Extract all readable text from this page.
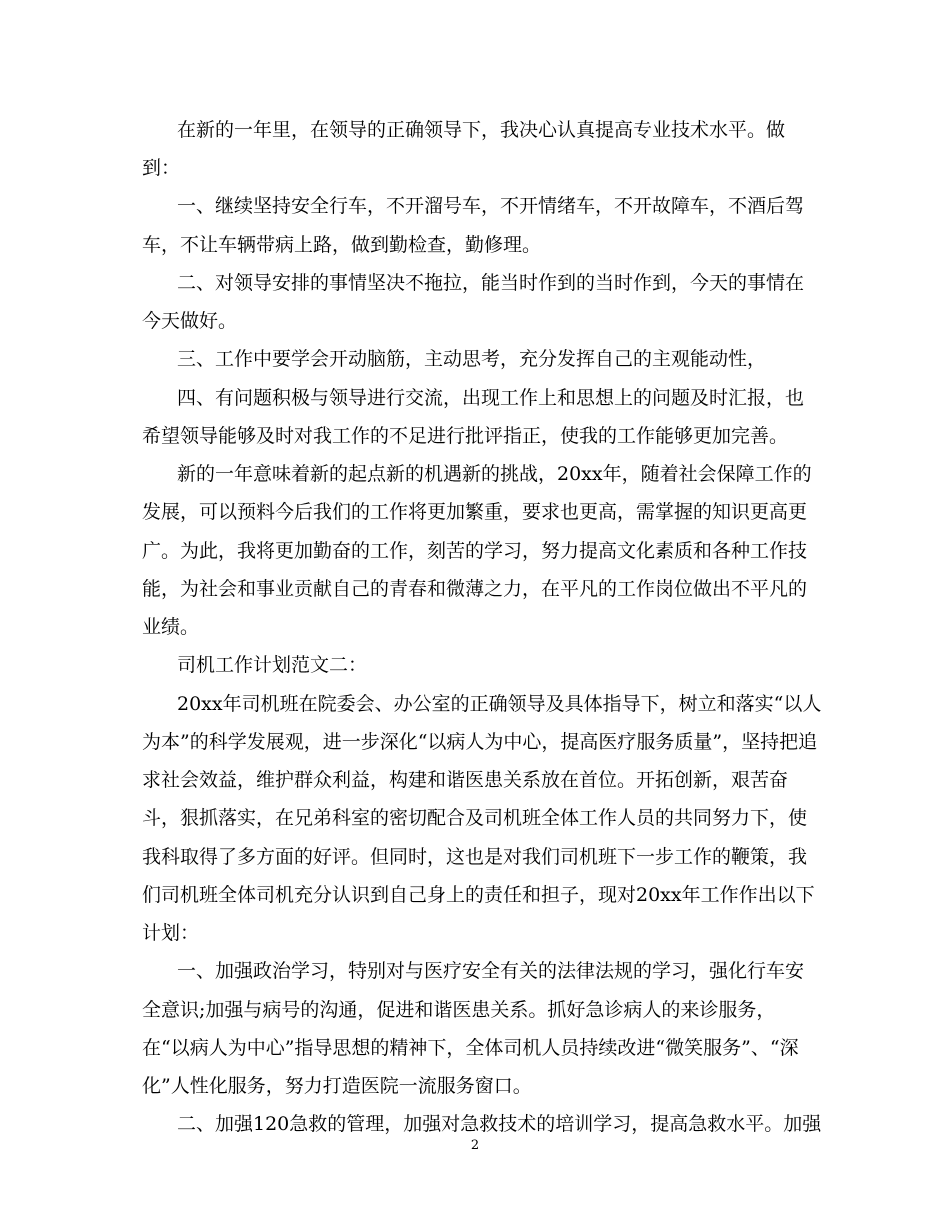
在新的一年里，在领导的正确领导下，我决心认真提高专业技术水平。做
到：
一、继续坚持安全行车，不开溜号车，不开情绪车，不开故障车，不酒后驾
车，不让车辆带病上路，做到勤检查，勤修理。
二、对领导安排的事情坚决不拖拉，能当时作到的当时作到，今天的事情在
今天做好。
三、工作中要学会开动脑筋，主动思考，充分发挥自己的主观能动性，
四、有问题积极与领导进行交流，出现工作上和思想上的问题及时汇报，也
希望领导能够及时对我工作的不足进行批评指正，使我的工作能够更加完善。
新的一年意味着新的起点新的机遇新的挑战，20xx年，随着社会保障工作的
发展，可以预料今后我们的工作将更加繁重，要求也更高，需掌握的知识更高更
广。为此，我将更加勤奋的工作，刻苦的学习，努力提高文化素质和各种工作技
能，为社会和事业贡献自己的青春和微薄之力，在平凡的工作岗位做出不平凡的
业绩。
司机工作计划范文二：
20xx年司机班在院委会、办公室的正确领导及具体指导下，树立和落实“以人
为本”的科学发展观，进一步深化“以病人为中心，提高医疗服务质量”，坚持把追
求社会效益，维护群众利益，构建和谐医患关系放在首位。开拓创新，艰苦奋
斗，狠抓落实，在兄弟科室的密切配合及司机班全体工作人员的共同努力下，使
我科取得了多方面的好评。但同时，这也是对我们司机班下一步工作的鞭策，我
们司机班全体司机充分认识到自己身上的责任和担子，现对20xx年工作作出以下
计划：
一、加强政治学习，特别对与医疗安全有关的法律法规的学习，强化行车安
全意识;加强与病号的沟通，促进和谐医患关系。抓好急诊病人的来诊服务，
在“以病人为中心”指导思想的精神下，全体司机人员持续改进“微笑服务”、“深
化”人性化服务，努力打造医院一流服务窗口。
二、加强120急救的管理，加强对急救技术的培训学习，提高急救水平。加强
2
